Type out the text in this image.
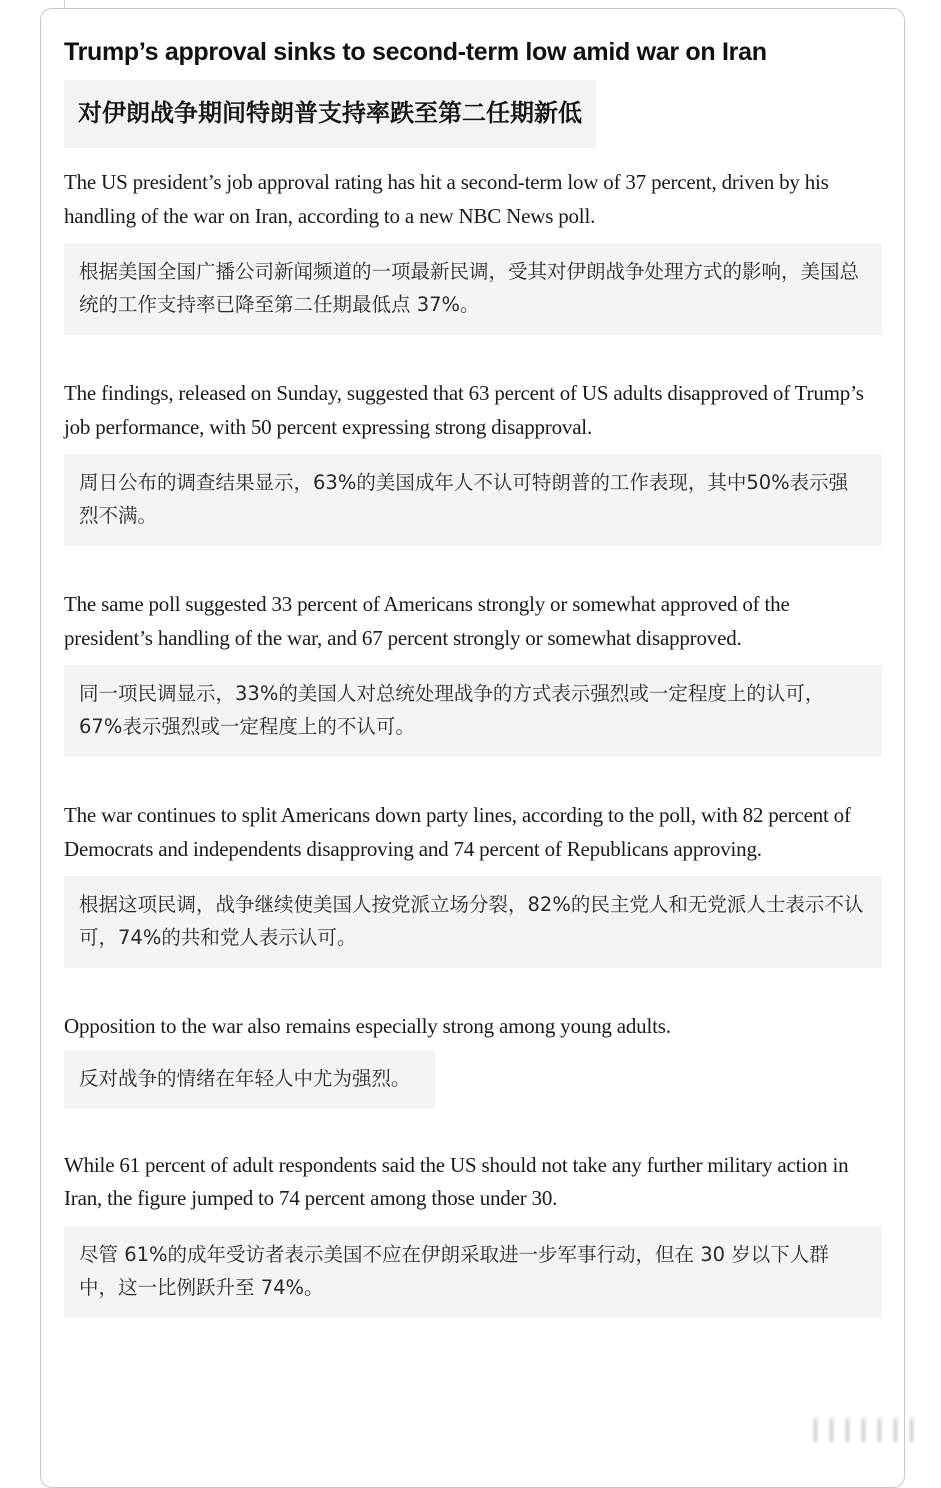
Trump’s approval sinks to second-term low amid war on Iran
对伊朗战争期间特朗普支持率跌至第二任期新低

The US president’s job approval rating has hit a second-term low of 37 percent, driven by his handling of the war on Iran, according to a new NBC News poll.

根据美国全国广播公司新闻频道的一项最新民调，受其对伊朗战争处理方式的影响，美国总统的工作支持率已降至第二任期最低点 37%。

The findings, released on Sunday, suggested that 63 percent of US adults disapproved of Trump’s job performance, with 50 percent expressing strong disapproval.

周日公布的调查结果显示，63%的美国成年人不认可特朗普的工作表现，其中50%表示强烈不满。

The same poll suggested 33 percent of Americans strongly or somewhat approved of the president’s handling of the war, and 67 percent strongly or somewhat disapproved.

同一项民调显示，33%的美国人对总统处理战争的方式表示强烈或一定程度上的认可，67%表示强烈或一定程度上的不认可。

The war continues to split Americans down party lines, according to the poll, with 82 percent of Democrats and independents disapproving and 74 percent of Republicans approving.

根据这项民调，战争继续使美国人按党派立场分裂，82%的民主党人和无党派人士表示不认可，74%的共和党人表示认可。

Opposition to the war also remains especially strong among young adults.

反对战争的情绪在年轻人中尤为强烈。

While 61 percent of adult respondents said the US should not take any further military action in Iran, the figure jumped to 74 percent among those under 30.

尽管 61%的成年受访者表示美国不应在伊朗采取进一步军事行动，但在 30 岁以下人群中，这一比例跃升至 74%。
